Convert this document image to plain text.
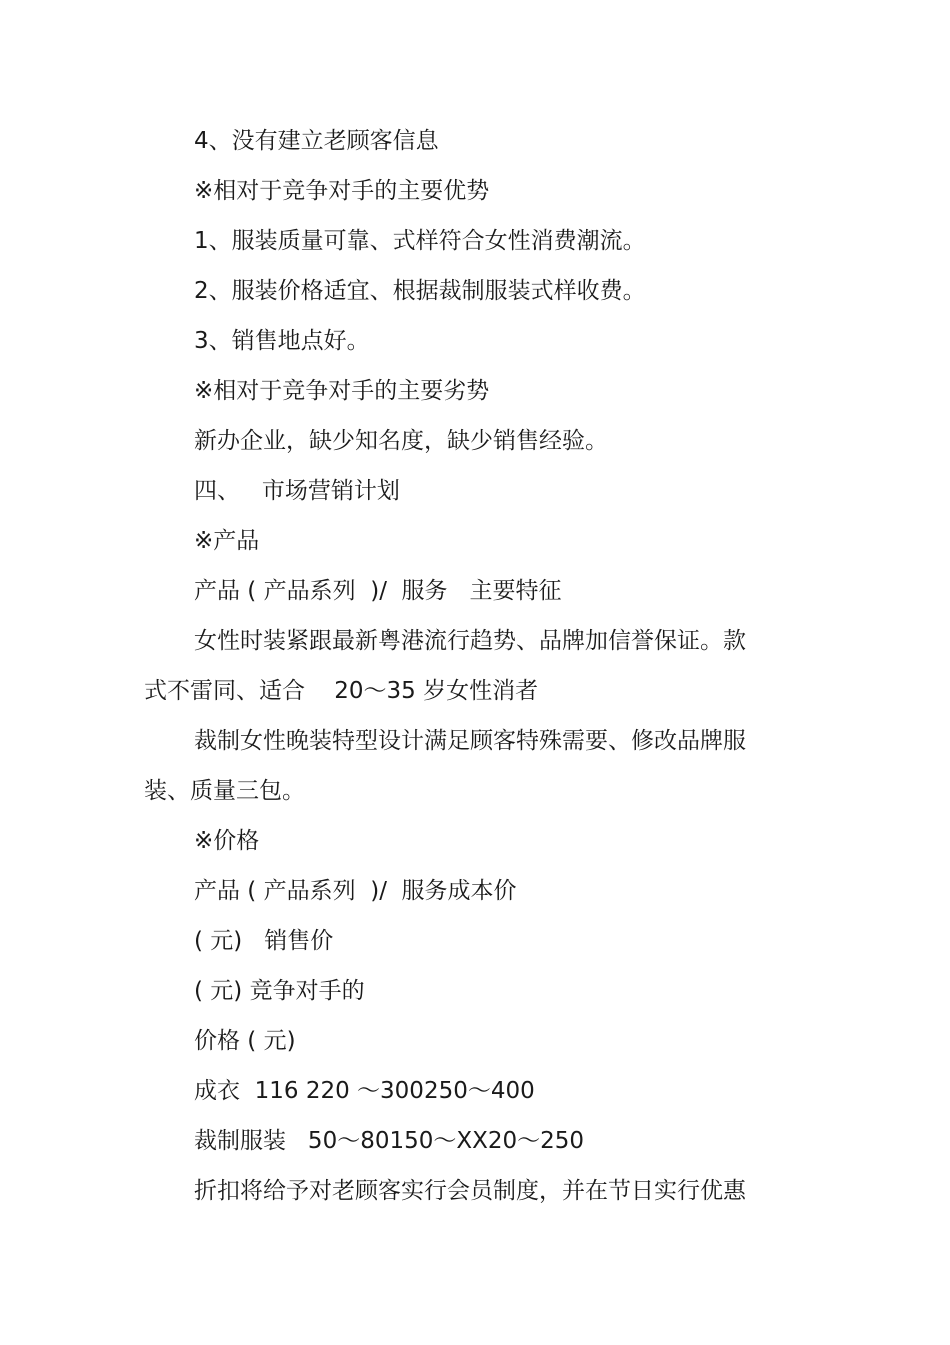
4、没有建立老顾客信息
※相对于竞争对手的主要优势
1、服装质量可靠、式样符合女性消费潮流。
2、服装价格适宜、根据裁制服装式样收费。
3、销售地点好。
※相对于竞争对手的主要劣势
新办企业，缺少知名度，缺少销售经验。
四、   市场营销计划
※产品
产品 ( 产品系列  )/  服务   主要特征
女性时装紧跟最新粤港流行趋势、品牌加信誉保证。款
式不雷同、适合    20～35 岁女性消者
裁制女性晚装特型设计满足顾客特殊需要、修改品牌服
装、质量三包。
※价格
产品 ( 产品系列  )/  服务成本价
( 元)   销售价
( 元) 竞争对手的
价格 ( 元)
成衣  116 220 ～300250～400
裁制服装   50～80150～XX20～250
折扣将给予对老顾客实行会员制度，并在节日实行优惠
